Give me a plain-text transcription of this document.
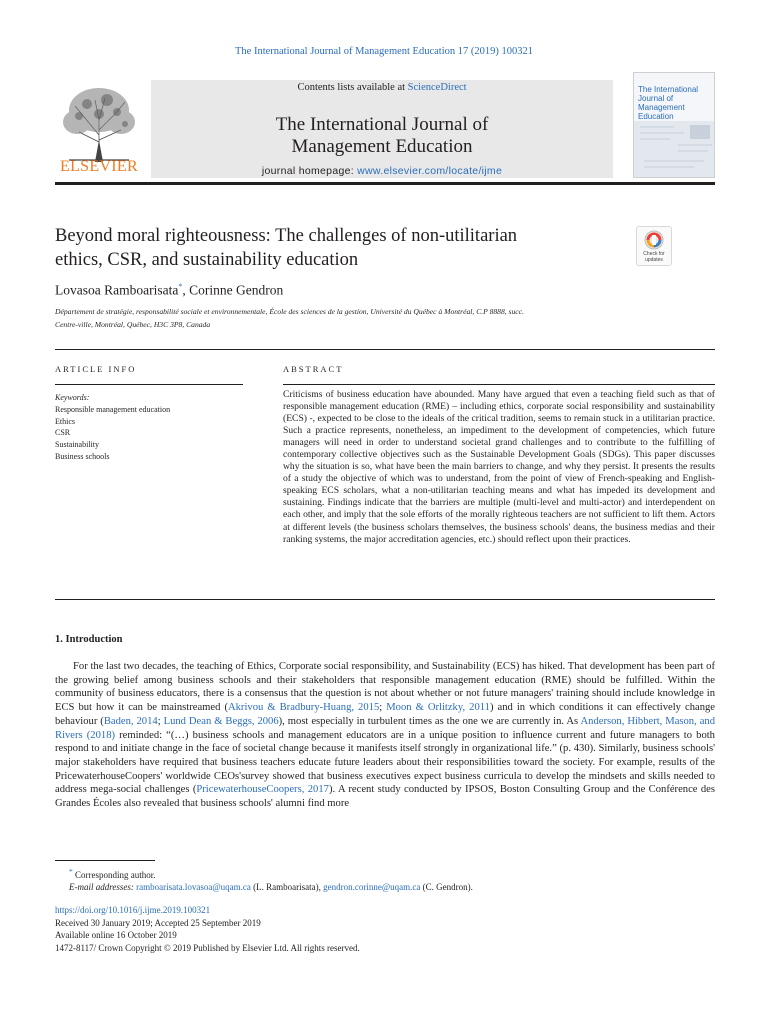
The International Journal of Management Education 17 (2019) 100321
ELSEVIER
Contents lists available at ScienceDirect
The International Journal of
Management Education
journal homepage: www.elsevier.com/locate/ijme
The International Journal of Management Education
Beyond moral righteousness: The challenges of non-utilitarian
ethics, CSR, and sustainability education	Check for updates
Lovasoa Ramboarisata*, Corinne Gendron
Département de stratégie, responsabilité sociale et environnementale, École des sciences de la gestion, Université du Québec à Montréal, C.P 8888, succ.
Centre-ville, Montréal, Québec, H3C 3P8, Canada
ARTICLE INFO
Keywords:
Responsible management education
Ethics
CSR
Sustainability
Business schools
ABSTRACT
Criticisms of business education have abounded. Many have argued that even a teaching field such as that of responsible management education (RME) – including ethics, corporate social responsibility and sustainability (ECS) -, expected to be close to the ideals of the critical tradition, seems to remain stuck in a utilitarian practice. Such a practice represents, nonetheless, an impediment to the development of competencies, which future managers will need in order to understand societal grand challenges and to contribute to the fulfilling of contemporary collective objectives such as the Sustainable Development Goals (SDGs). This paper discusses why the situation is so, what have been the main barriers to change, and why they persist. It presents the results of a study the objective of which was to understand, from the point of view of French-speaking and English-speaking ECS scholars, what a non-utilitarian teaching means and what has impeded its development and sustaining. Findings indicate that the barriers are multiple (multi-level and multi-actor) and interdependent on each other, and imply that the sole efforts of the morally righteous teachers are not sufficient to lift them. Actors at different levels (the business scholars themselves, the business schools' deans, the business medias and their ranking systems, the major accreditation agencies, etc.) should reflect upon their practices.
1. Introduction

For the last two decades, the teaching of Ethics, Corporate social responsibility, and Sustainability (ECS) has hiked. That development has been part of the growing belief among business schools and their stakeholders that responsible management education (RME) should be fulfilled. Within the community of business educators, there is a consensus that the question is not about whether or not future managers' training should include knowledge in ECS but how it can be mainstreamed (Akrivou & Bradbury-Huang, 2015; Moon & Orlitzky, 2011) and in which conditions it can effectively change behaviour (Baden, 2014; Lund Dean & Beggs, 2006), most especially in turbulent times as the one we are currently in. As Anderson, Hibbert, Mason, and Rivers (2018) reminded: “(…) business schools and management educators are in a unique position to influence current and future managers to both respond to and initiate change in the face of societal change because it manifests itself strongly in organizational life.” (p. 430). Similarly, business schools' major stakeholders have required that business teachers educate future leaders about their responsibilities toward the society. For example, results of the PricewaterhouseCoopers' worldwide CEOs'survey showed that business executives expect business curricula to develop the mindsets and skills needed to address mega-social challenges (PricewaterhouseCoopers, 2017). A recent study conducted by IPSOS, Boston Consulting Group and the Conférence des Grandes Écoles also revealed that business schools' alumni find more

* Corresponding author.
E-mail addresses: ramboarisata.lovasoa@uqam.ca (L. Ramboarisata), gendron.corinne@uqam.ca (C. Gendron).
https://doi.org/10.1016/j.ijme.2019.100321
Received 30 January 2019; Accepted 25 September 2019
Available online 16 October 2019
1472-8117/ Crown Copyright © 2019 Published by Elsevier Ltd. All rights reserved.
